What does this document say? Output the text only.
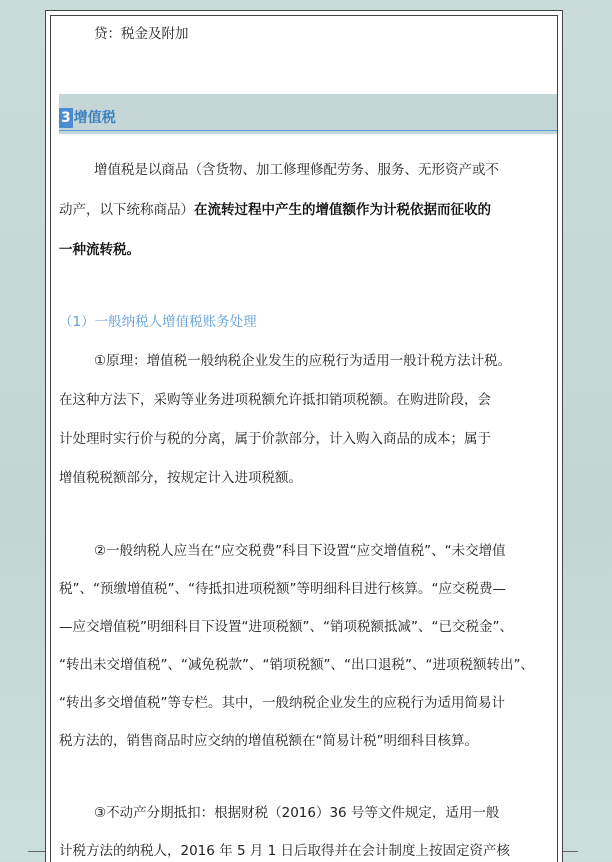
贷：税金及附加
3 增值税
增值税是以商品（含货物、加工修理修配劳务、服务、无形资产或不
动产，以下统称商品）在流转过程中产生的增值额作为计税依据而征收的
一种流转税。
（1）一般纳税人增值税账务处理
①原理：增值税一般纳税企业发生的应税行为适用一般计税方法计税。
在这种方法下，采购等业务进项税额允许抵扣销项税额。在购进阶段，会
计处理时实行价与税的分离，属于价款部分，计入购入商品的成本；属于
增值税税额部分，按规定计入进项税额。
②一般纳税人应当在“应交税费”科目下设置“应交增值税”、“未交增值
税”、“预缴增值税”、“待抵扣进项税额”等明细科目进行核算。“应交税费—
—应交增值税”明细科目下设置“进项税额”、“销项税额抵减”、“已交税金”、
“转出未交增值税”、“减免税款”、“销项税额”、“出口退税”、“进项税额转出”、
“转出多交增值税”等专栏。其中，一般纳税企业发生的应税行为适用简易计
税方法的，销售商品时应交纳的增值税额在“简易计税”明细科目核算。
③不动产分期抵扣：根据财税（2016）36 号等文件规定，适用一般
计税方法的纳税人，2016 年 5 月 1 日后取得并在会计制度上按固定资产核
